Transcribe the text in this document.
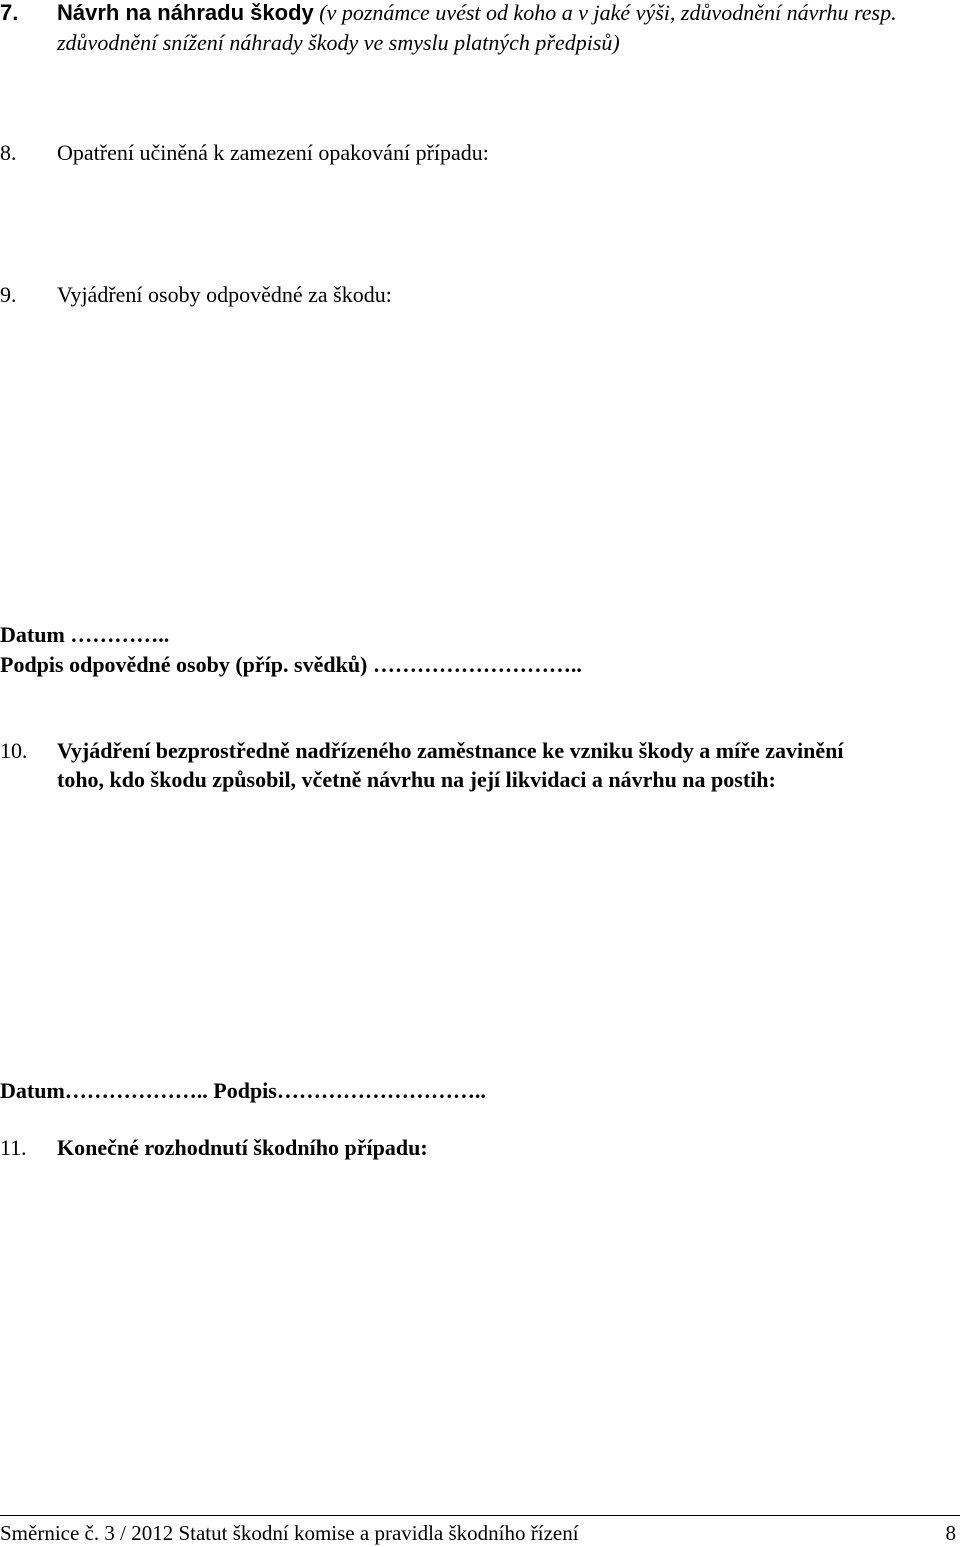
7. Návrh na náhradu škody (v poznámce uvést od koho a v jaké výši, zdůvodnění návrhu resp.
zdůvodnění snížení náhrady škody ve smyslu platných předpisů)
8. Opatření učiněná k zamezení opakování případu:
9. Vyjádření osoby odpovědné za škodu:
Datum …………..
Podpis odpovědné osoby (příp. svědků) ………………………..
10. Vyjádření bezprostředně nadřízeného zaměstnance ke vzniku škody a míře zavinění
toho, kdo škodu způsobil, včetně návrhu na její likvidaci a návrhu na postih:
Datum……………….. Podpis………………………..
11. Konečné rozhodnutí škodního případu:
Směrnice č. 3 / 2012 Statut škodní komise a pravidla škodního řízení	8
